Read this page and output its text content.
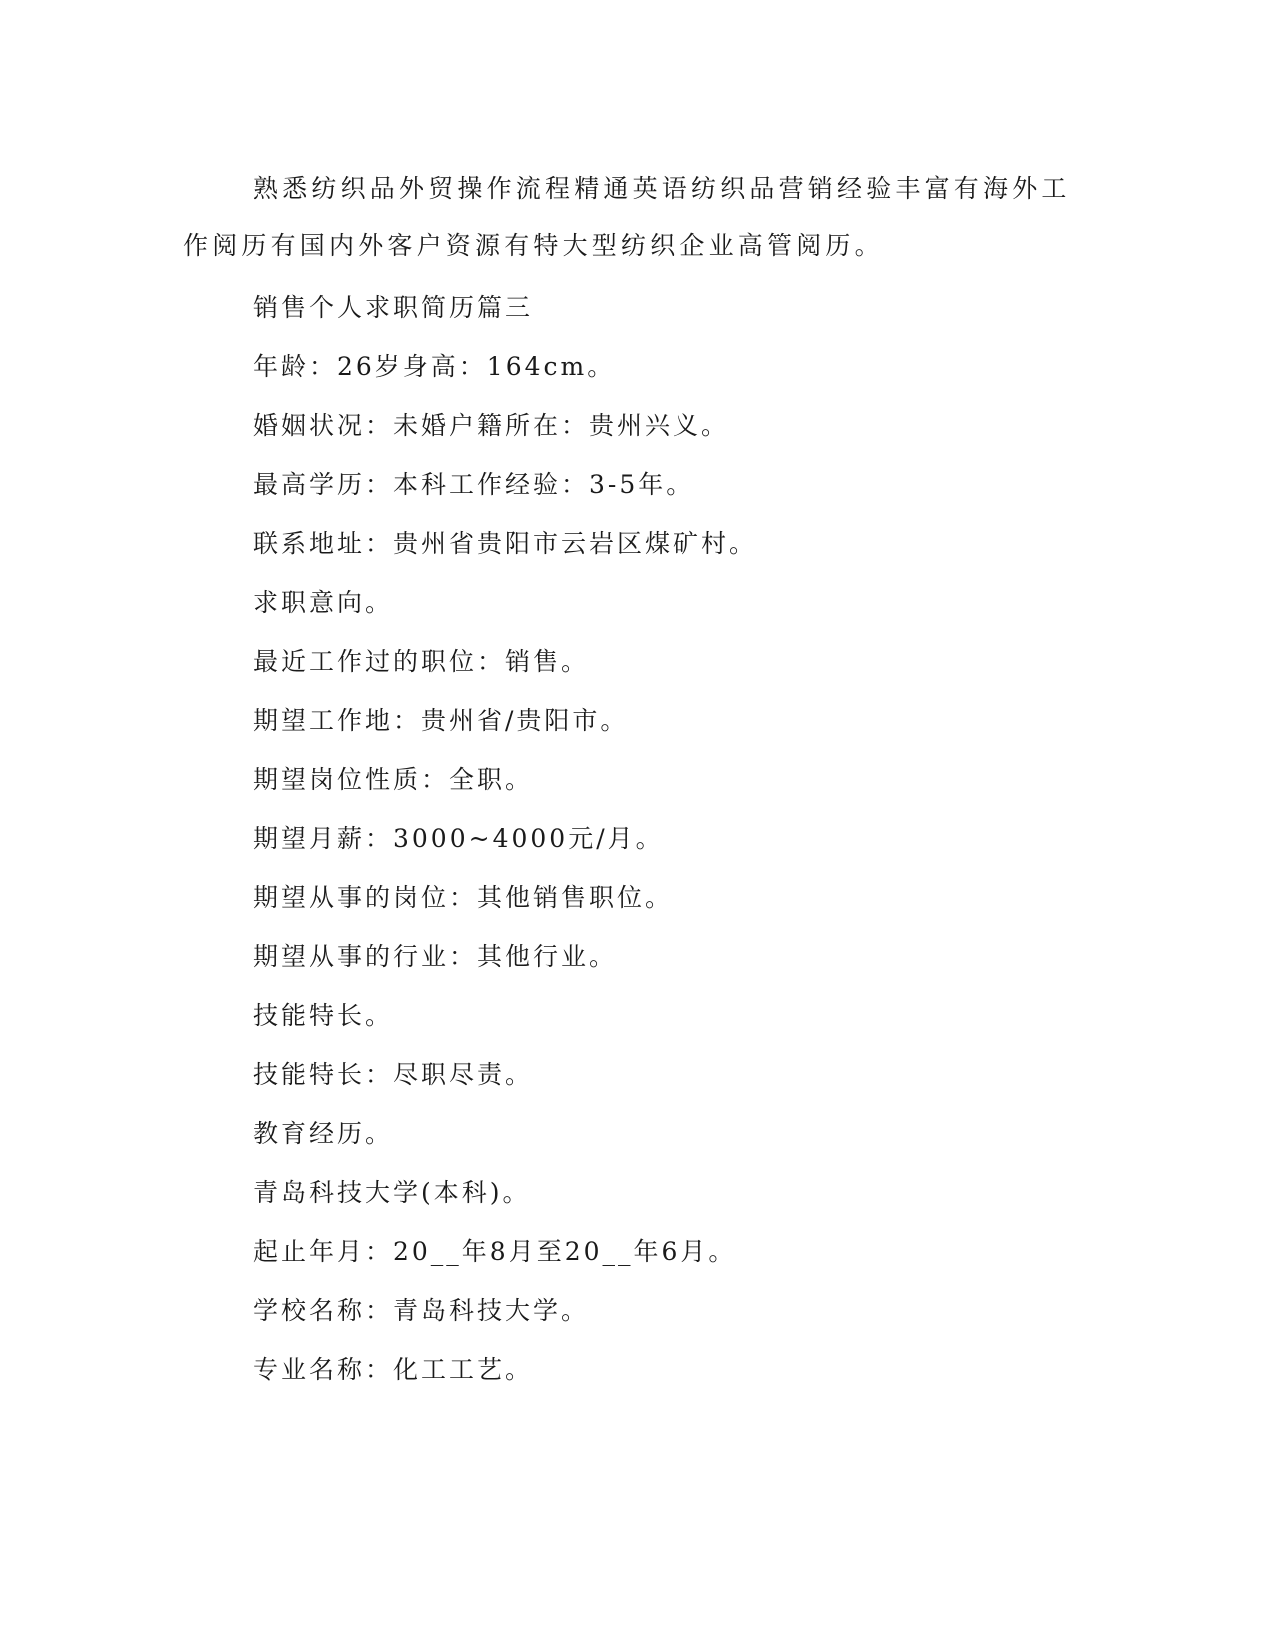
熟悉纺织品外贸操作流程精通英语纺织品营销经验丰富有海外工作阅历有国内外客户资源有特大型纺织企业高管阅历。

销售个人求职简历篇三

年龄：26岁身高：164cm。

婚姻状况：未婚户籍所在：贵州兴义。

最高学历：本科工作经验：3-5年。

联系地址：贵州省贵阳市云岩区煤矿村。

求职意向。

最近工作过的职位：销售。

期望工作地：贵州省/贵阳市。

期望岗位性质：全职。

期望月薪：3000~4000元/月。

期望从事的岗位：其他销售职位。

期望从事的行业：其他行业。

技能特长。

技能特长：尽职尽责。

教育经历。

青岛科技大学(本科)。

起止年月：20__年8月至20__年6月。

学校名称：青岛科技大学。

专业名称：化工工艺。
